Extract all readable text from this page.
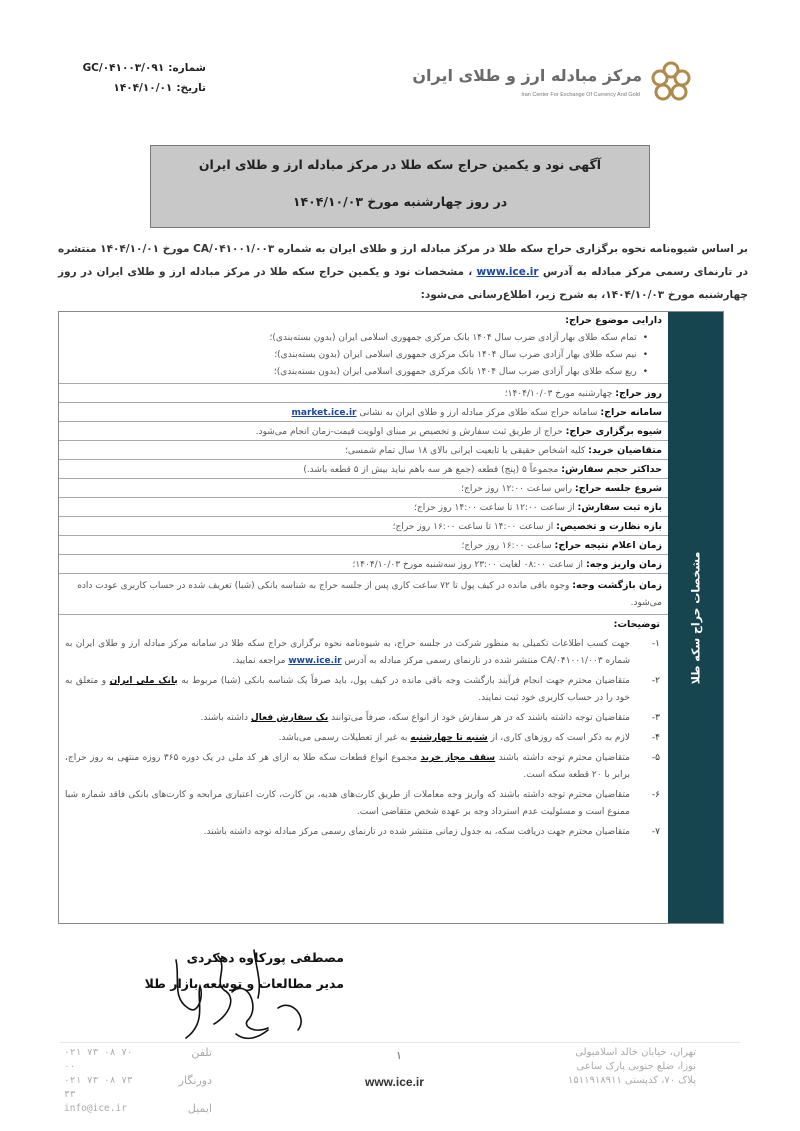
شماره:
GC/۰۴۱۰۰۳/۰۹۱
تاریخ:
۱۴۰۴/۱۰/۰۱
مرکز مبادله ارز و طلای ایران
Iran Center For Exchange Of Currency And Gold
آگهی نود و یکمین حراج سکه طلا در مرکز مبادله ارز و طلای ایران
در روز چهارشنبه مورخ ۱۴۰۴/۱۰/۰۳
بر اساس شیوه‌نامه نحوه برگزاری حراج سکه طلا در مرکز مبادله ارز و طلای ایران به شماره CA/۰۴۱۰۰۱/۰۰۳ مورخ ۱۴۰۴/۱۰/۰۱ منتشره در تارنمای رسمی مرکز مبادله به آدرس www.ice.ir ، مشخصات نود و یکمین حراج سکه طلا در مرکز مبادله ارز و طلای ایران در روز چهارشنبه مورخ ۱۴۰۴/۱۰/۰۳، به شرح زیر، اطلاع‌رسانی می‌شود:
مشخصات حراج سکه طلا
دارایی موضوع حراج:
• تمام سکه طلای بهار آزادی ضرب سال ۱۴۰۴ بانک مرکزی جمهوری اسلامی ایران (بدون بسته‌بندی)؛
• نیم سکه طلای بهار آزادی ضرب سال ۱۴۰۴ بانک مرکزی جمهوری اسلامی ایران (بدون بسته‌بندی)؛
• ربع سکه طلای بهار آزادی ضرب سال ۱۴۰۴ بانک مرکزی جمهوری اسلامی ایران (بدون بسته‌بندی)؛
روز حراج: چهارشنبه مورخ ۱۴۰۴/۱۰/۰۳؛
سامانه حراج: سامانه حراج سکه طلای مرکز مبادله ارز و طلای ایران به نشانی market.ice.ir
شیوه برگزاری حراج: حراج از طریق ثبت سفارش و تخصیص بر مبنای اولویت قیمت-زمان انجام می‌شود.
متقاضیان خرید: کلیه اشخاص حقیقی با تابعیت ایرانی بالای ۱۸ سال تمام شمسی؛
حداکثر حجم سفارش: مجموعاً ۵ (پنج) قطعه (جمع هر سه باهم نباید بیش از ۵ قطعه باشد.)
شروع جلسه حراج: راس ساعت ۱۲:۰۰ روز حراج؛
بازه ثبت سفارش: از ساعت ۱۲:۰۰ تا ساعت ۱۴:۰۰ روز حراج؛
بازه نظارت و تخصیص: از ساعت ۱۴:۰۰ تا ساعت ۱۶:۰۰ روز حراج؛
زمان اعلام نتیجه حراج: ساعت ۱۶:۰۰ روز حراج؛
زمان واریز وجه: از ساعت ۰۸:۰۰ لغایت ۲۳:۰۰ روز سه‌شنبه مورخ ۱۴۰۴/۱۰/۰۳؛
زمان بازگشت وجه: وجوه باقی مانده در کیف پول تا ۷۲ ساعت کاری پس از جلسه حراج به شناسه بانکی (شبا) تعریف شده در حساب کاربری عودت داده می‌شود.
توضیحات:
۱-
جهت کسب اطلاعات تکمیلی به منظور شرکت در جلسه حراج، به شیوه‌نامه نحوه برگزاری حراج سکه طلا در سامانه مرکز مبادله ارز و طلای ایران به شماره CA/۰۴۱۰۰۱/۰۰۳ منتشر شده در تارنمای رسمی مرکز مبادله به آدرس www.ice.ir مراجعه نمایید.
۲-
متقاضیان محترم جهت انجام فرآیند بازگشت وجه باقی مانده در کیف پول، باید صرفاً یک شناسه بانکی (شبا) مربوط به بانک ملی ایران و متعلق به خود را در حساب کاربری خود ثبت نمایند.
۳-
متقاضیان توجه داشته باشند که در هر سفارش خود از انواع سکه، صرفاً می‌توانند یک سفارش فعال داشته باشند.
۴-
لازم به ذکر است که روزهای کاری، از شنبه تا چهارشنبه به غیر از تعطیلات رسمی می‌باشد.
۵-
متقاضیان محترم توجه داشته باشند سقف مجاز خرید مجموع انواع قطعات سکه طلا به ازای هر کد ملی در یک دوره ۳۶۵ روزه منتهی به روز حراج، برابر با ۲۰ قطعه سکه است.
۶-
متقاضیان محترم توجه داشته باشند که واریز وجه معاملات از طریق کارت‌های هدیه، بن کارت، کارت اعتباری مرابحه و کارت‌های بانکی فاقد شماره شبا ممنوع است و مسئولیت عدم استرداد وجه بر عهده شخص متقاضی است.
۷-
متقاضیان محترم جهت دریافت سکه، به جدول زمانی منتشر شده در تارنمای رسمی مرکز مبادله توجه داشته باشند.
مصطفی پورکاوه دهکردی
مدیر مطالعات و توسعه بازار طلا
۰۲۱ ۷۳ ۰۸ ۷۰ ۰۰
تلفن
۰۲۱ ۷۳ ۰۸ ۷۳ ۳۳
دورنگار
info@ice.ir	ایمیل
۱	تهران، خیابان خالد اسلامبولی
نوزا، ضلع جنوبی پارک ساعی
پلاک ۷۰، کدپستی ۱۵۱۱۹۱۸۹۱۱
www.ice.ir
